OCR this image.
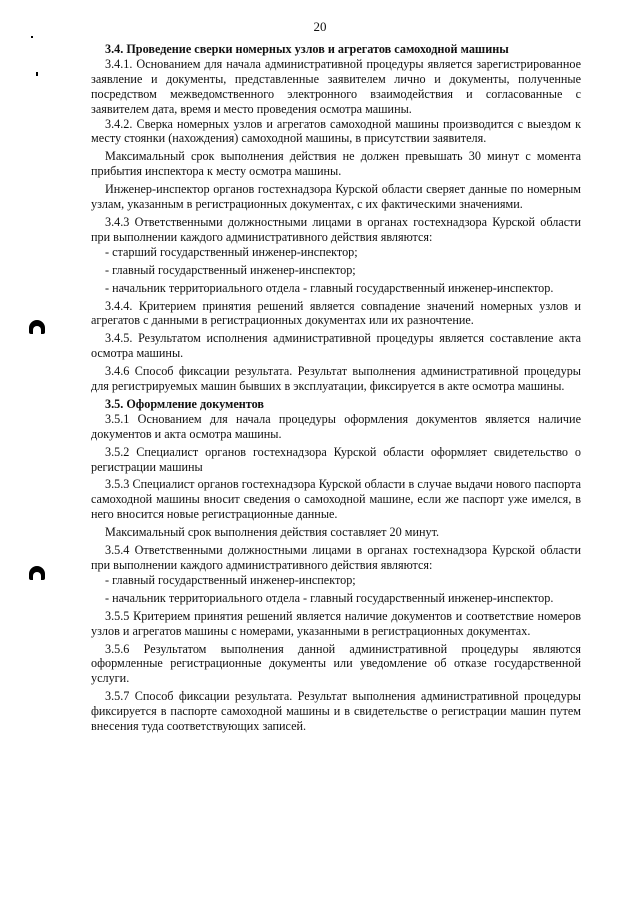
20

3.4. Проведение сверки номерных узлов и агрегатов самоходной машины

3.4.1. Основанием для начала административной процедуры является зарегистрированное заявление и документы, представленные заявителем лично и документы, полученные посредством межведомственного электронного взаимодействия и согласованные с заявителем дата, время и место проведения осмотра машины.

3.4.2. Сверка номерных узлов и агрегатов самоходной машины производится с выездом к месту стоянки (нахождения) самоходной машины, в присутствии заявителя.

Максимальный срок выполнения действия не должен превышать 30 минут с момента прибытия инспектора к месту осмотра машины.

Инженер-инспектор органов гостехнадзора Курской области сверяет данные по номерным узлам, указанным в регистрационных документах, с их фактическими значениями.

3.4.3 Ответственными должностными лицами в органах гостехнадзора Курской области при выполнении каждого административного действия являются:

- старший государственный инженер-инспектор;

- главный государственный инженер-инспектор;

- начальник территориального отдела - главный государственный инженер-инспектор.

3.4.4. Критерием принятия решений является совпадение значений номерных узлов и агрегатов с данными в регистрационных документах или их разночтение.

3.4.5. Результатом исполнения административной процедуры является составление акта осмотра машины.

3.4.6 Способ фиксации результата. Результат выполнения административной процедуры для регистрируемых машин бывших в эксплуатации, фиксируется в акте осмотра машины.

3.5. Оформление документов

3.5.1 Основанием для начала процедуры оформления документов является наличие документов и акта осмотра машины.

3.5.2 Специалист органов гостехнадзора Курской области оформляет свидетельство о регистрации машины

3.5.3 Специалист органов гостехнадзора Курской области в случае выдачи нового паспорта самоходной машины вносит сведения о самоходной машине, если же паспорт уже имелся, в него вносится новые регистрационные данные.

Максимальный срок выполнения действия составляет 20 минут.

3.5.4 Ответственными должностными лицами в органах гостехнадзора Курской области при выполнении каждого административного действия являются:

- главный государственный инженер-инспектор;

- начальник территориального отдела - главный государственный инженер-инспектор.

3.5.5 Критерием принятия решений является наличие документов и соответствие номеров узлов и агрегатов машины с номерами, указанными в регистрационных документах.

3.5.6 Результатом выполнения данной административной процедуры являются оформленные регистрационные документы или уведомление об отказе государственной услуги.

3.5.7 Способ фиксации результата. Результат выполнения административной процедуры фиксируется в паспорте самоходной машины и в свидетельстве о регистрации машин путем внесения туда соответствующих записей.
